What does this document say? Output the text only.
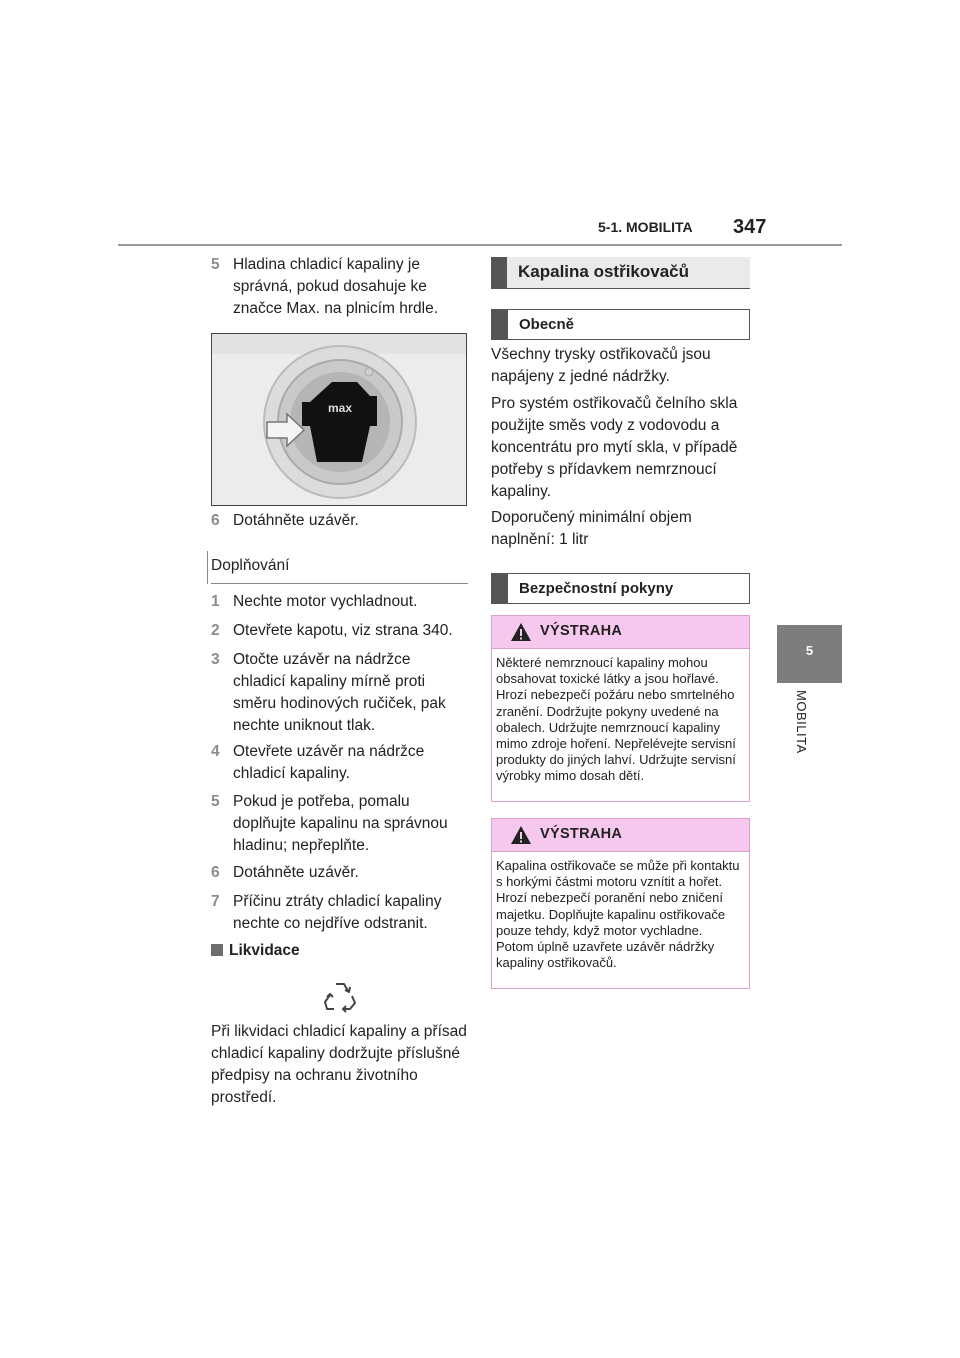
5-1. MOBILITA 347
5
MOBILITA
5 Hladina chladicí kapaliny je správná, pokud dosahuje ke značce Max. na plnicím hrdle.
max
6 Dotáhněte uzávěr.
Doplňování
1 Nechte motor vychladnout.
2 Otevřete kapotu, viz strana 340.
3 Otočte uzávěr na nádržce chladicí kapaliny mírně proti směru hodinových ručiček, pak nechte uniknout tlak.
4 Otevřete uzávěr na nádržce chladicí kapaliny.
5 Pokud je potřeba, pomalu doplňujte kapalinu na správnou hladinu; nepřeplňte.
6 Dotáhněte uzávěr.
7 Příčinu ztráty chladicí kapaliny nechte co nejdříve odstranit.
Likvidace
Při likvidaci chladicí kapaliny a přísad chladicí kapaliny dodržujte příslušné předpisy na ochranu životního prostředí.
Kapalina ostřikovačů
Obecně
Všechny trysky ostřikovačů jsou napájeny z jedné nádržky.
Pro systém ostřikovačů čelního skla použijte směs vody z vodovodu a koncentrátu pro mytí skla, v případě potřeby s přídavkem nemrznoucí kapaliny.
Doporučený minimální objem naplnění: 1 litr
Bezpečnostní pokyny
VÝSTRAHA
Některé nemrznoucí kapaliny mohou obsahovat toxické látky a jsou hořlavé. Hrozí nebezpečí požáru nebo smrtelného zranění. Dodržujte pokyny uvedené na obalech. Udržujte nemrznoucí kapaliny mimo zdroje hoření. Nepřelévejte servisní produkty do jiných lahví. Udržujte servisní výrobky mimo dosah dětí.
VÝSTRAHA
Kapalina ostřikovače se může při kontaktu s horkými částmi motoru vznítit a hořet. Hrozí nebezpečí poranění nebo zničení majetku. Doplňujte kapalinu ostřikovače pouze tehdy, když motor vychladne. Potom úplně uzavřete uzávěr nádržky kapaliny ostřikovačů.
